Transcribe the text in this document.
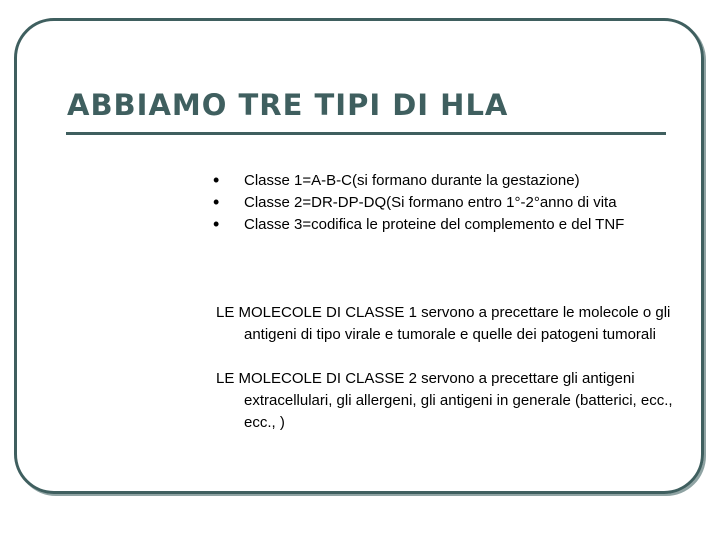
ABBIAMO TRE TIPI DI HLA
• Classe 1=A-B-C(si formano durante la gestazione)
• Classe 2=DR-DP-DQ(Si formano entro 1°-2°anno di vita
• Classe 3=codifica le proteine del complemento e del TNF

LE MOLECOLE DI CLASSE 1 servono a precettare le molecole o gli antigeni di tipo virale e tumorale e quelle dei patogeni tumorali

LE MOLECOLE DI CLASSE 2 servono a precettare gli antigeni extracellulari, gli allergeni, gli antigeni in generale (batterici, ecc., ecc., )
